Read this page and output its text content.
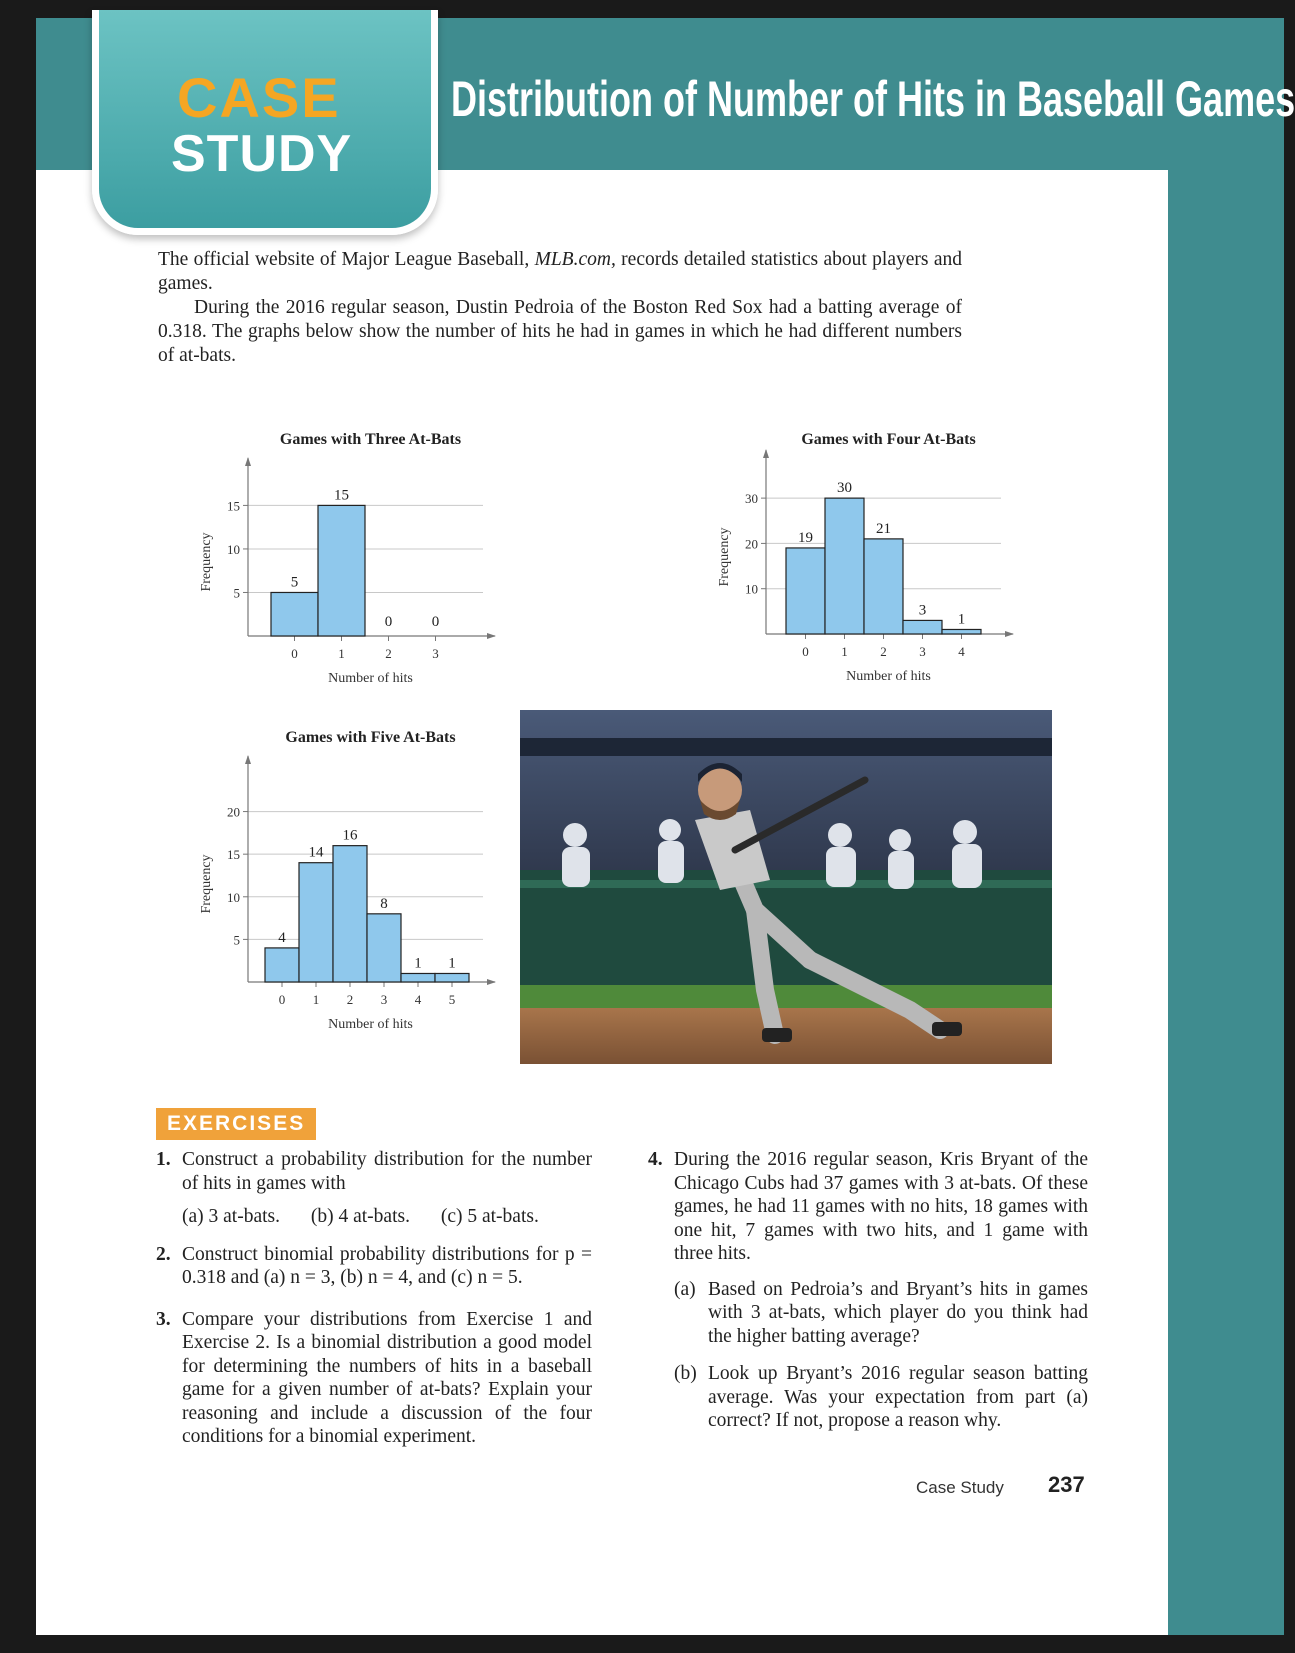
CASE
STUDY
Distribution of Number of Hits in Baseball Games

The official website of Major League Baseball, MLB.com, records detailed statistics about players and games.

During the 2016 regular season, Dustin Pedroia of the Boston Red Sox had a batting average of 0.318. The graphs below show the number of hits he had in games in which he had different numbers of at-bats.

5
10
15
5
0
15
1
0
2
0
3
Games with Three At-Bats
Number of hits
Frequency	10
20
30
19
0
30
1
21
2
3
3
1
4
Games with Four At-Bats
Number of hits
Frequency
5
10
15
20
4
0
14
1
16
2
8
3
1
4
1
5
Games with Five At-Bats
Number of hits
Frequency
EXERCISES
1. Construct a probability distribution for the number of hits in games with
(a) 3 at-bats. (b) 4 at-bats. (c) 5 at-bats.
2. Construct binomial probability distributions for p = 0.318 and (a) n = 3, (b) n = 4, and (c) n = 5.
3. Compare your distributions from Exercise 1 and Exercise 2. Is a binomial distribution a good model for determining the numbers of hits in a baseball game for a given number of at-bats? Explain your reasoning and include a discussion of the four conditions for a binomial experiment.
4. During the 2016 regular season, Kris Bryant of the Chicago Cubs had 37 games with 3 at-bats. Of these games, he had 11 games with no hits, 18 games with one hit, 7 games with two hits, and 1 game with three hits.
(a) Based on Pedroia’s and Bryant’s hits in games with 3 at-bats, which player do you think had the higher batting average?
(b) Look up Bryant’s 2016 regular season batting average. Was your expectation from part (a) correct? If not, propose a reason why.
Case Study 237
